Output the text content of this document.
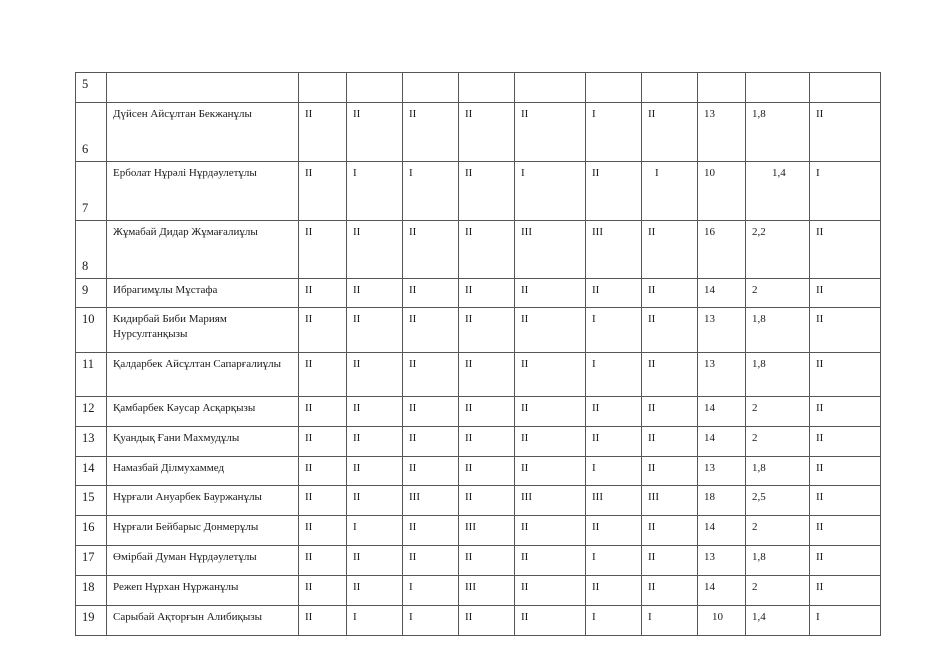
5											
6	Дүйсен Айсұлтан Бекжанұлы	II	II	II	II	II	I	II	13	1,8	II
7	Ерболат Нұрәлі Нұрдәулетұлы	II	I	I	II	I	II	I	10	1,4	I
8	Жұмабай Дидар Жұмағалиұлы	II	II	II	II	III	III	II	16	2,2	II
9	Ибрагимұлы Мұстафа	II	II	II	II	II	II	II	14	2	II
10	Кидирбай Биби Мариям Нурсултанқызы	II	II	II	II	II	I	II	13	1,8	II
11	Қалдарбек Айсұлтан Сапарғалиұлы	II	II	II	II	II	I	II	13	1,8	II
12	Қамбарбек Кәусар Асқарқызы	II	II	II	II	II	II	II	14	2	II
13	Қуандық Ғани Махмудұлы	II	II	II	II	II	II	II	14	2	II
14	Намазбай Ділмухаммед	II	II	II	II	II	I	II	13	1,8	II
15	Нұрғали Ануарбек Бауржанұлы	II	II	III	II	III	III	III	18	2,5	II
16	Нұрғали Бейбарыс Донмерұлы	II	I	II	III	II	II	II	14	2	II
17	Өмірбай Думан Нұрдәулетұлы	II	II	II	II	II	I	II	13	1,8	II
18	Режеп Нұрхан Нұржанұлы	II	II	I	III	II	II	II	14	2	II
19	Сарыбай Ақторғын Алибиқызы	II	I	I	II	II	I	I	10	1,4	I
